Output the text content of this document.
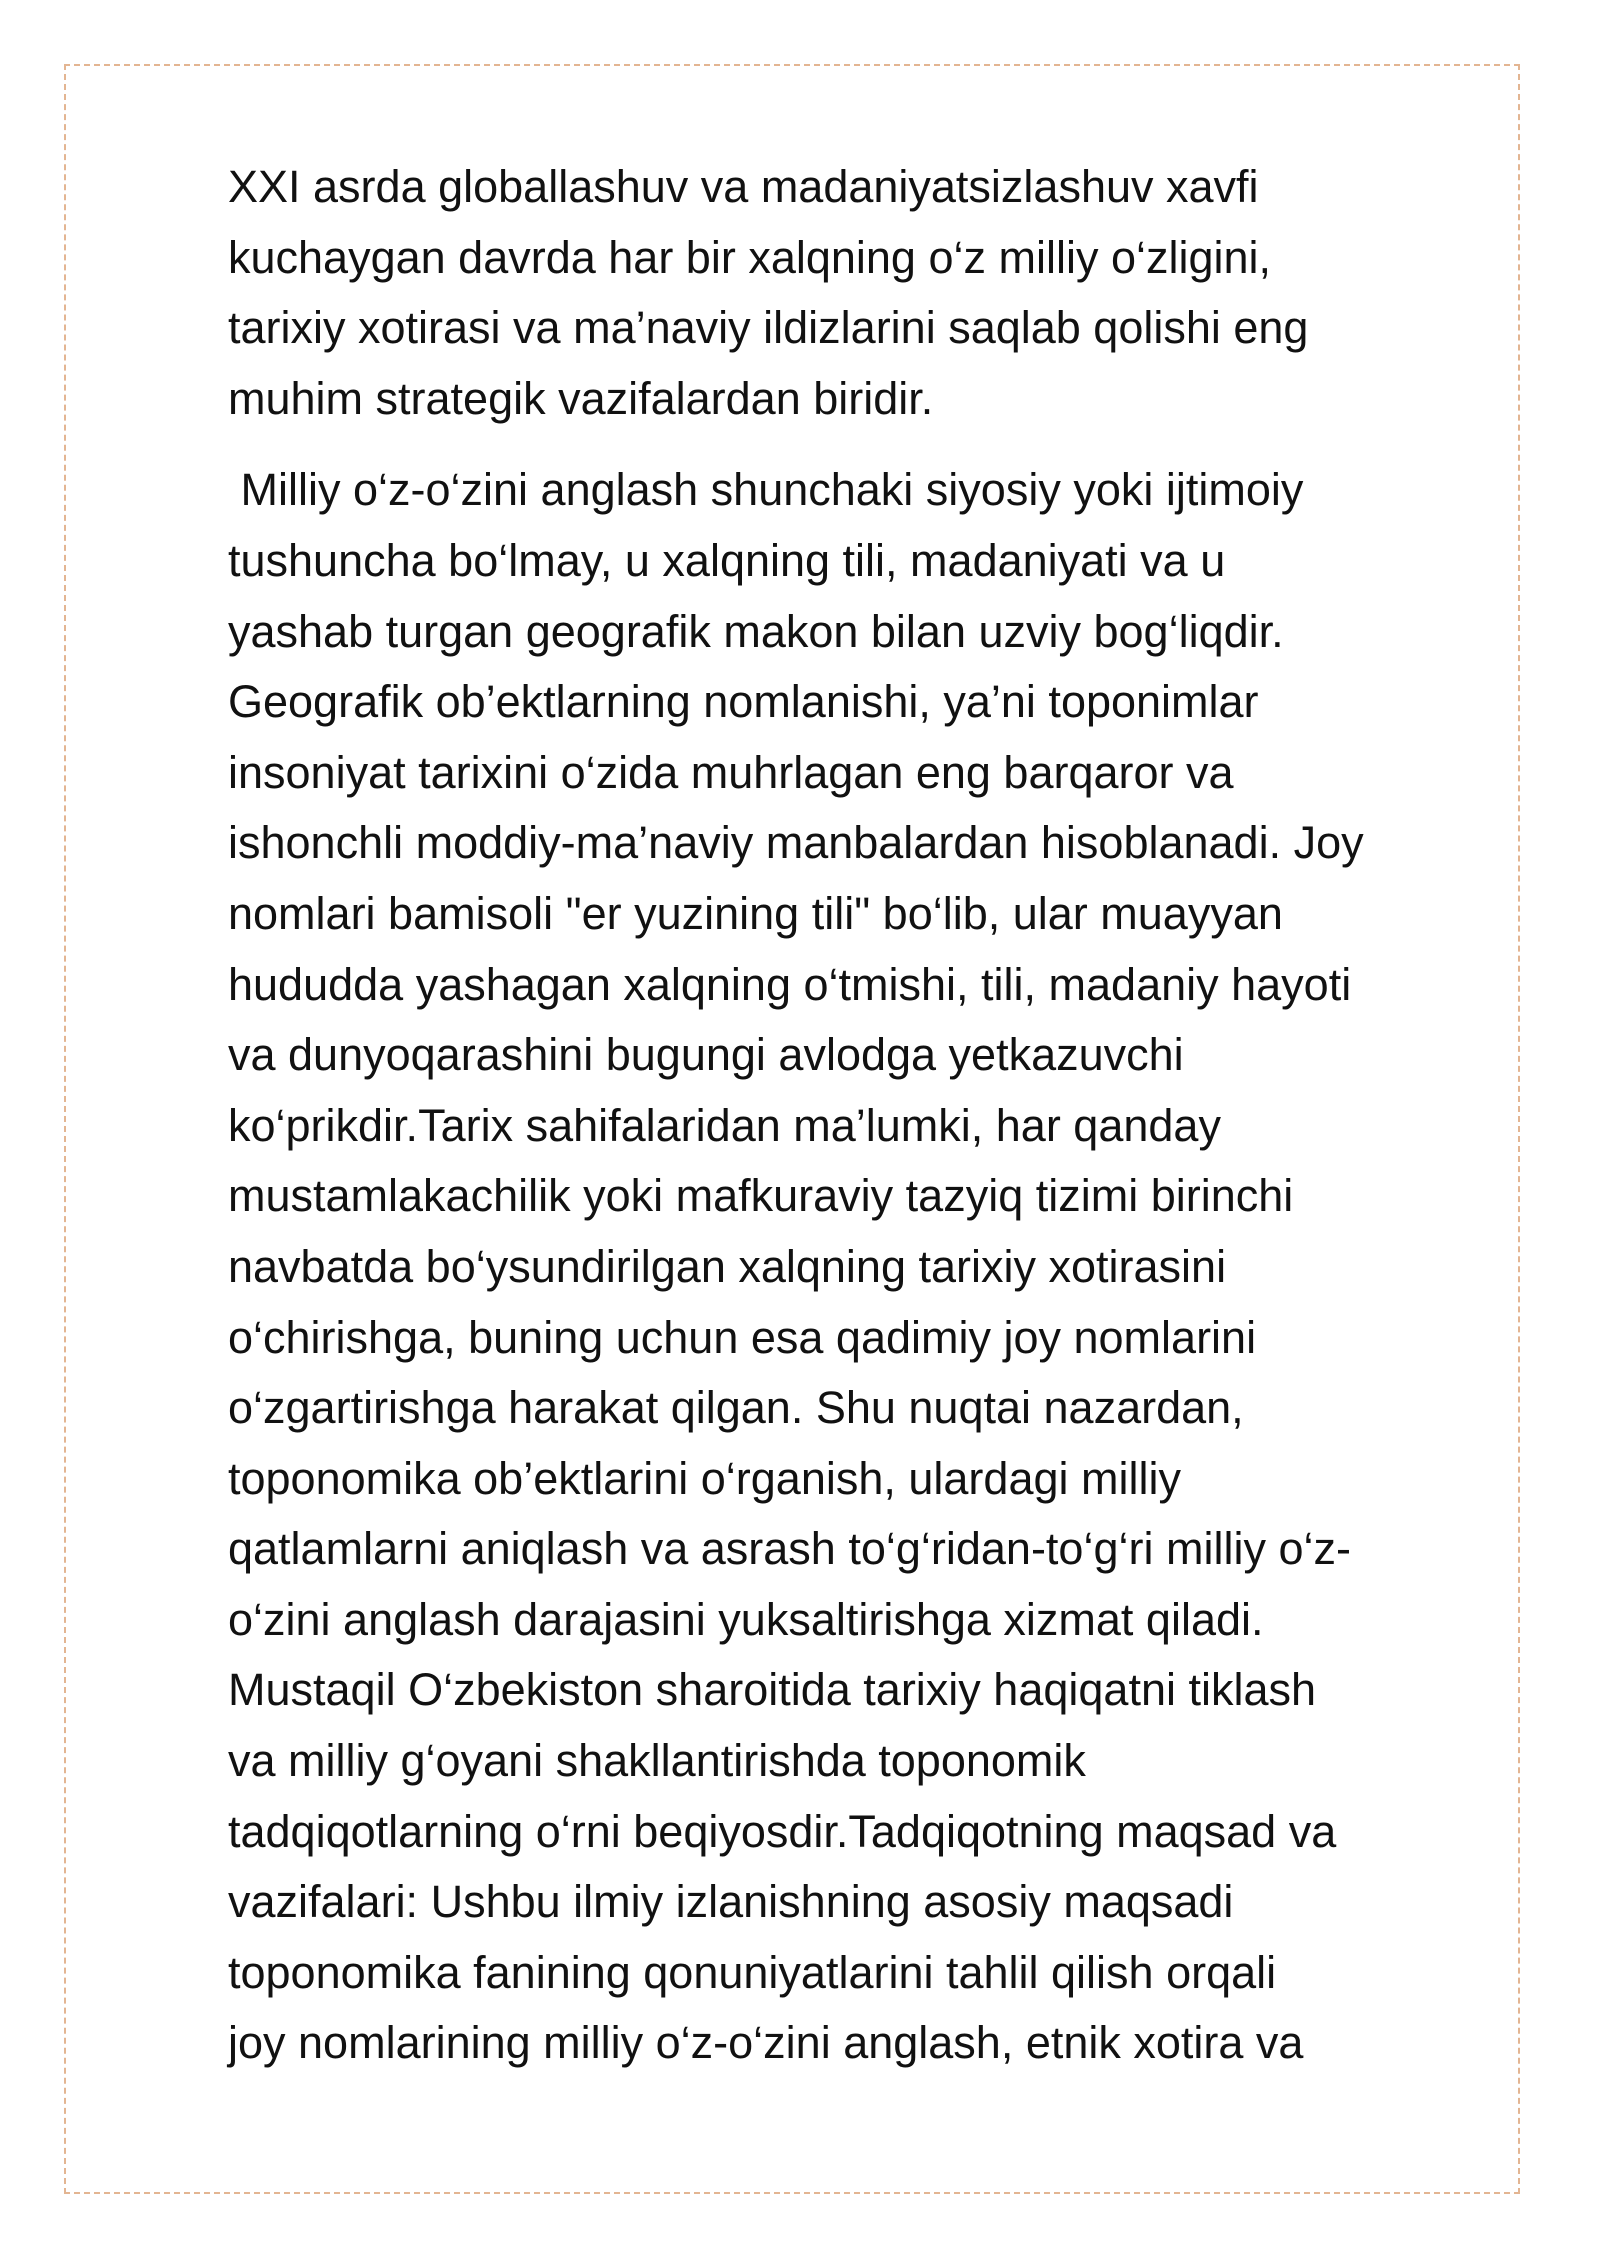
XXI asrda globallashuv va madaniyatsizlashuv xavfi
kuchaygan davrda har bir xalqning o‘z milliy o‘zligini,
tarixiy xotirasi va ma’naviy ildizlarini saqlab qolishi eng
muhim strategik vazifalardan biridir.
Milliy o‘z-o‘zini anglash shunchaki siyosiy yoki ijtimoiy
tushuncha bo‘lmay, u xalqning tili, madaniyati va u
yashab turgan geografik makon bilan uzviy bog‘liqdir.
Geografik ob’ektlarning nomlanishi, ya’ni toponimlar
insoniyat tarixini o‘zida muhrlagan eng barqaror va
ishonchli moddiy-ma’naviy manbalardan hisoblanadi. Joy
nomlari bamisoli "er yuzining tili" bo‘lib, ular muayyan
hududda yashagan xalqning o‘tmishi, tili, madaniy hayoti
va dunyoqarashini bugungi avlodga yetkazuvchi
ko‘prikdir.Tarix sahifalaridan ma’lumki, har qanday
mustamlakachilik yoki mafkuraviy tazyiq tizimi birinchi
navbatda bo‘ysundirilgan xalqning tarixiy xotirasini
o‘chirishga, buning uchun esa qadimiy joy nomlarini
o‘zgartirishga harakat qilgan. Shu nuqtai nazardan,
toponomika ob’ektlarini o‘rganish, ulardagi milliy
qatlamlarni aniqlash va asrash to‘g‘ridan-to‘g‘ri milliy o‘z-
o‘zini anglash darajasini yuksaltirishga xizmat qiladi.
Mustaqil O‘zbekiston sharoitida tarixiy haqiqatni tiklash
va milliy g‘oyani shakllantirishda toponomik
tadqiqotlarning o‘rni beqiyosdir.Tadqiqotning maqsad va
vazifalari: Ushbu ilmiy izlanishning asosiy maqsadi
toponomika fanining qonuniyatlarini tahlil qilish orqali
joy nomlarining milliy o‘z-o‘zini anglash, etnik xotira va
